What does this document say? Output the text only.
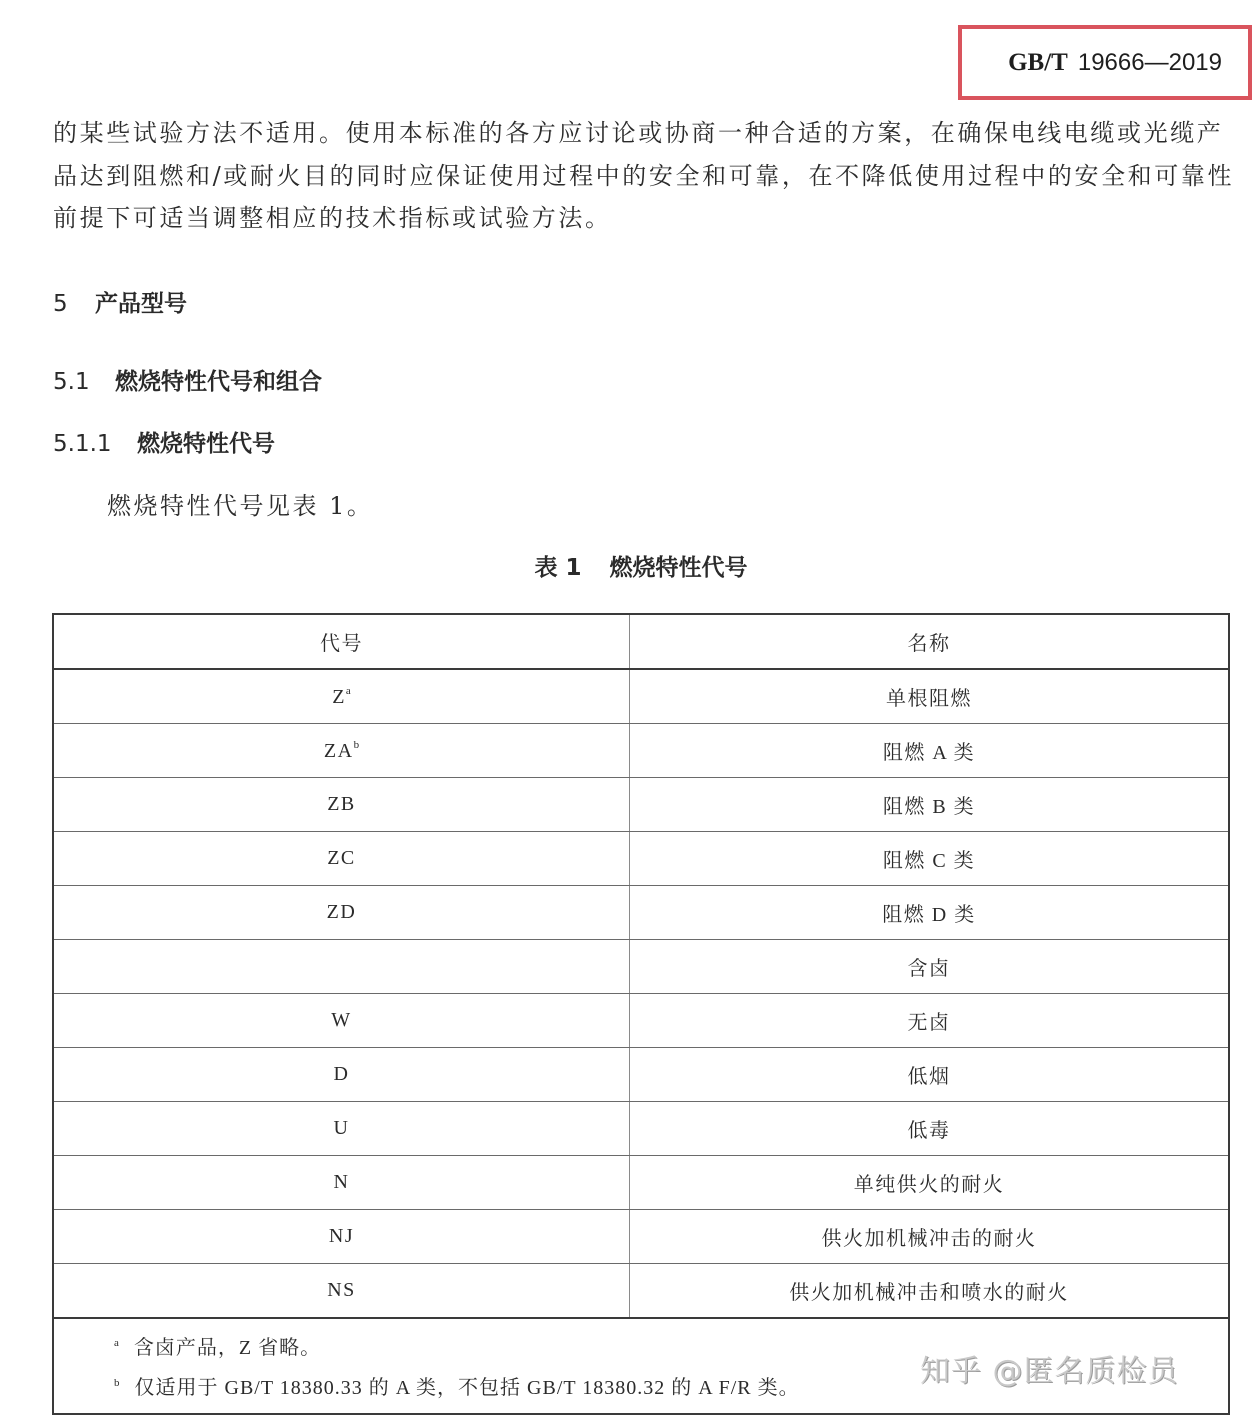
GB/T 19666—2019
的某些试验方法不适用。使用本标准的各方应讨论或协商一种合适的方案，在确保电线电缆或光缆产
品达到阻燃和/或耐火目的同时应保证使用过程中的安全和可靠，在不降低使用过程中的安全和可靠性
前提下可适当调整相应的技术指标或试验方法。
5 产品型号
5.1 燃烧特性代号和组合
5.1.1 燃烧特性代号
燃烧特性代号见表 1。
表 1 燃烧特性代号
代号	名称
$Z^a$	单根阻燃
$ZA^b$	阻燃 A 类
ZB	阻燃 B 类
ZC	阻燃 C 类
ZD	阻燃 D 类
	含卤
W	无卤
D	低烟
U	低毒
N	单纯供火的耐火
NJ	供火加机械冲击的耐火
NS	供火加机械冲击和喷水的耐火
$^a$ 含卤产品，Z 省略。
$^b$ 仅适用于 GB/T 18380.33 的 A 类，不包括 GB/T 18380.32 的 A F/R 类。	知乎 @匿名质检员
